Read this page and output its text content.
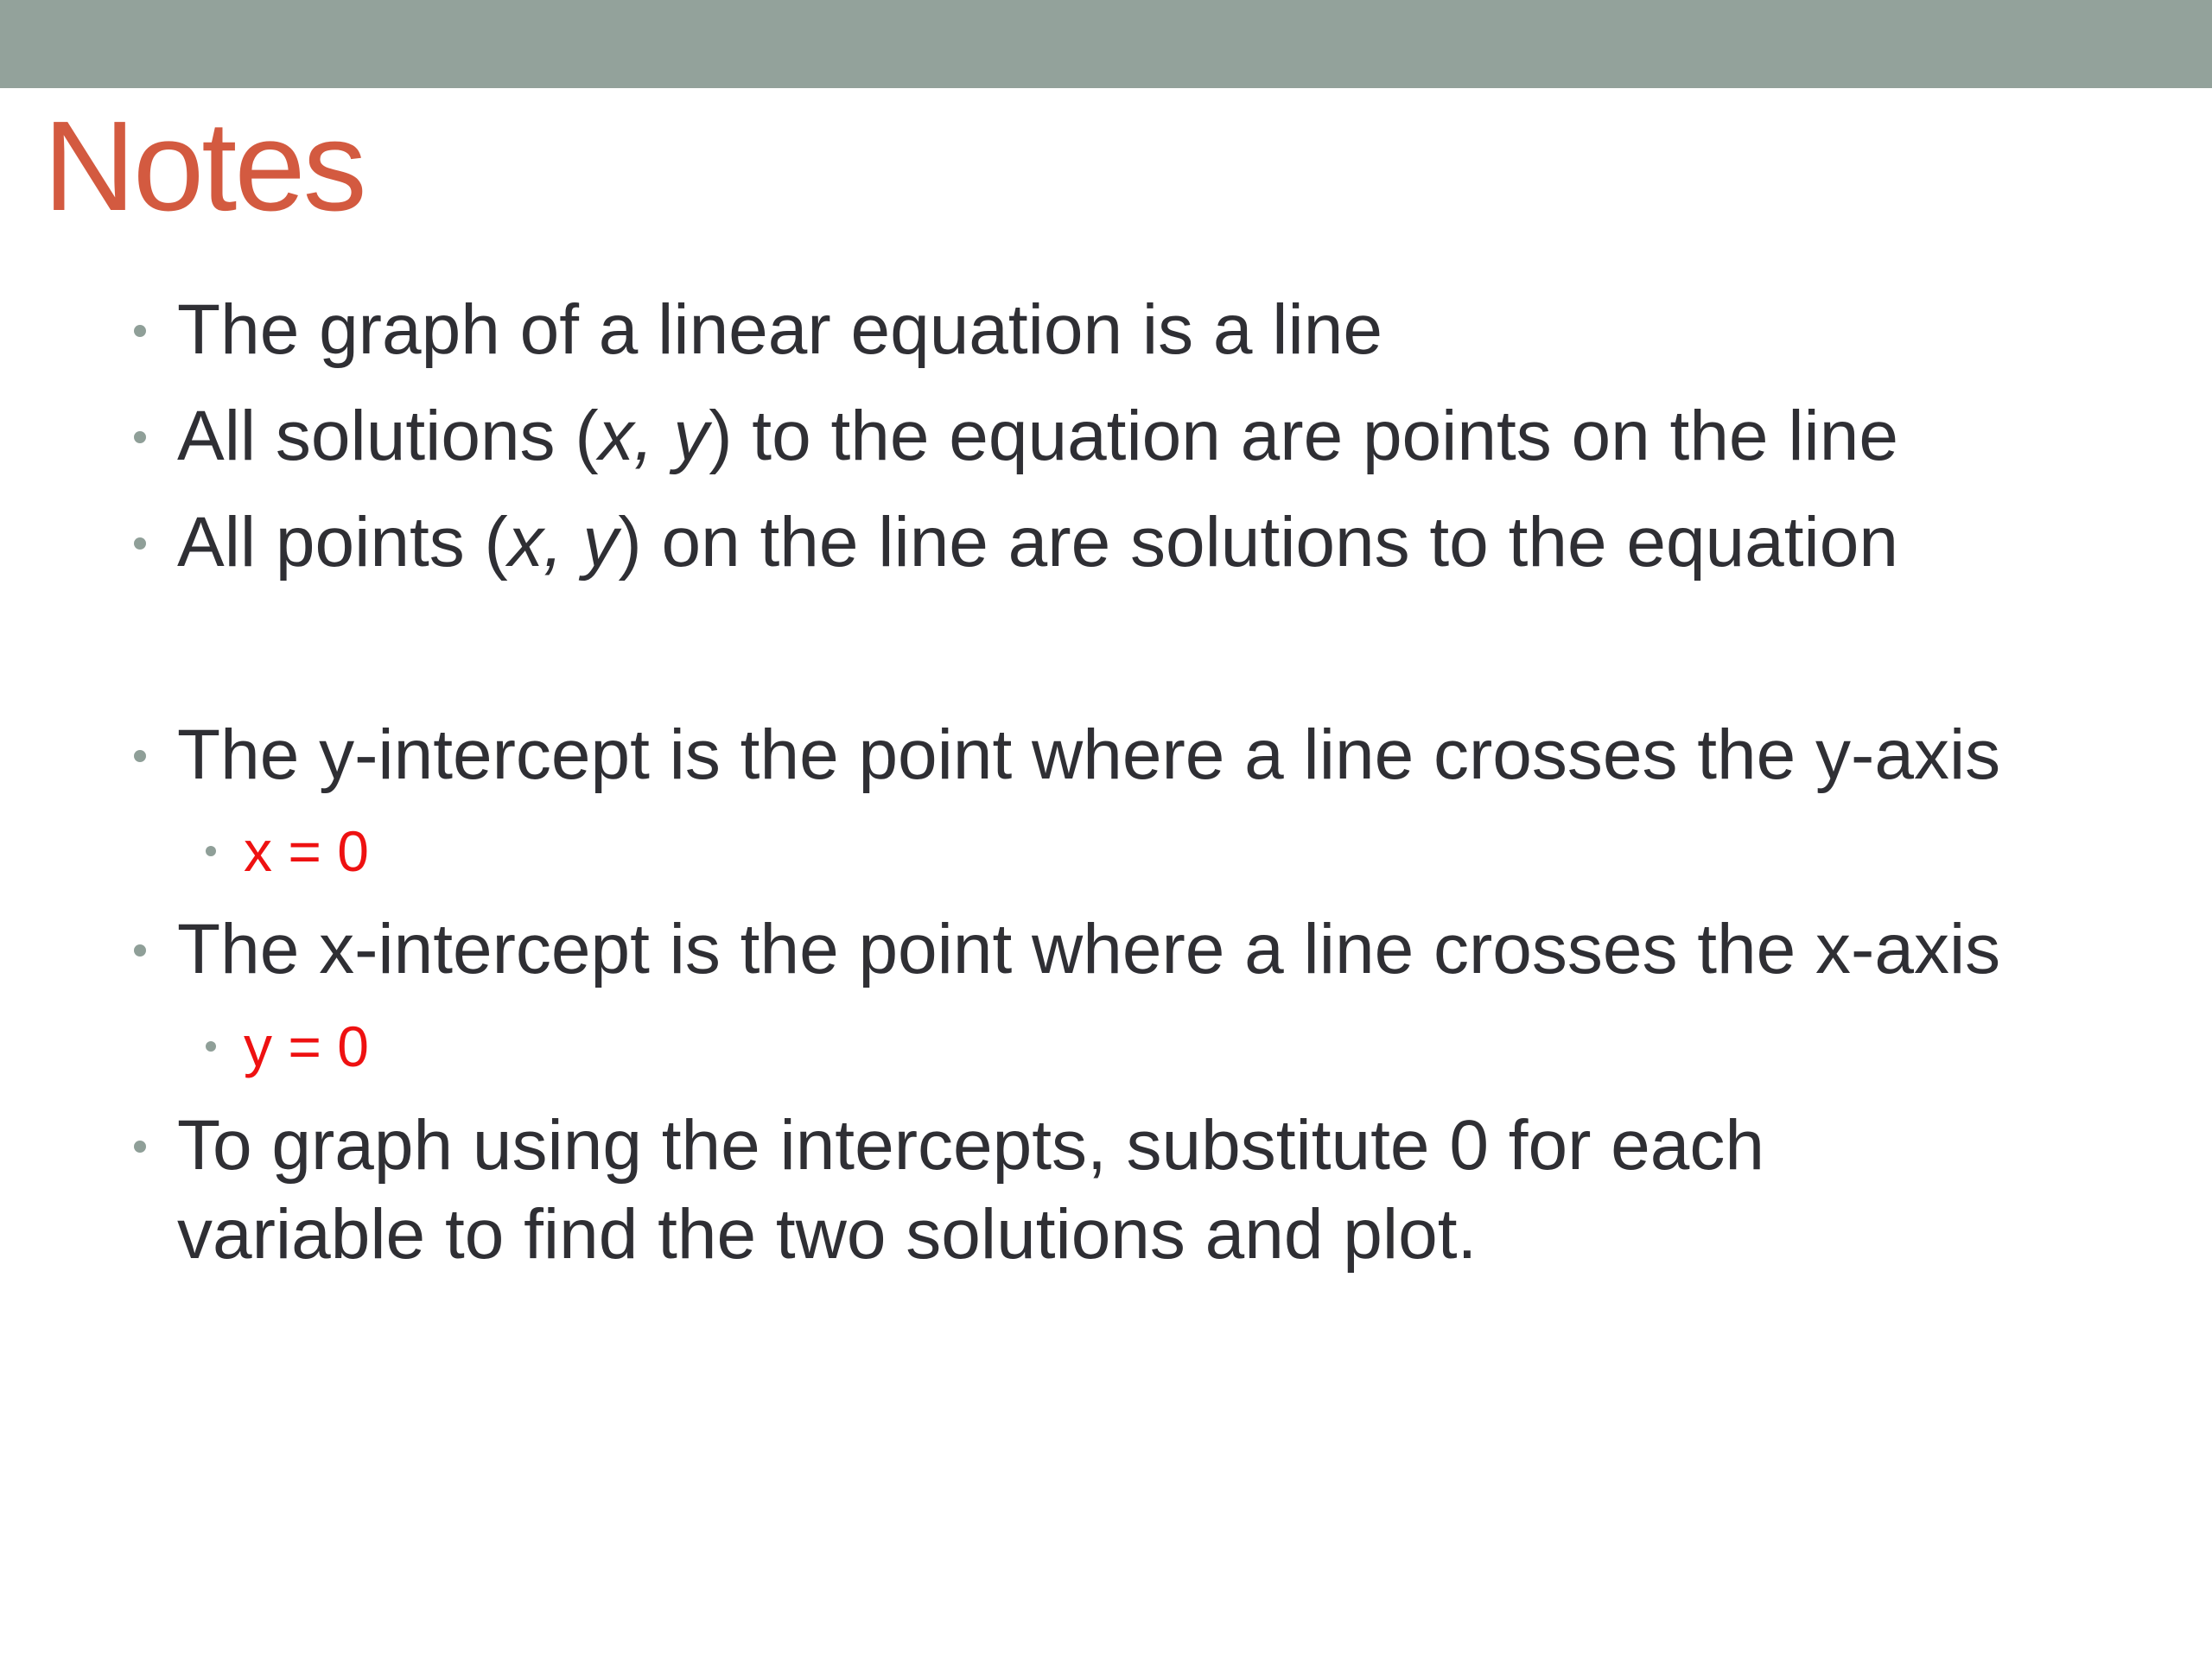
Notes
The graph of a linear equation is a line
All solutions (x, y) to the equation are points on the line
All points (x, y) on the line are solutions to the equation
The y-intercept is the point where a line crosses the y-axis
x = 0
The x-intercept is the point where a line crosses the x-axis
y = 0
To graph using the intercepts, substitute 0 for each variable to find the two solutions and plot.
